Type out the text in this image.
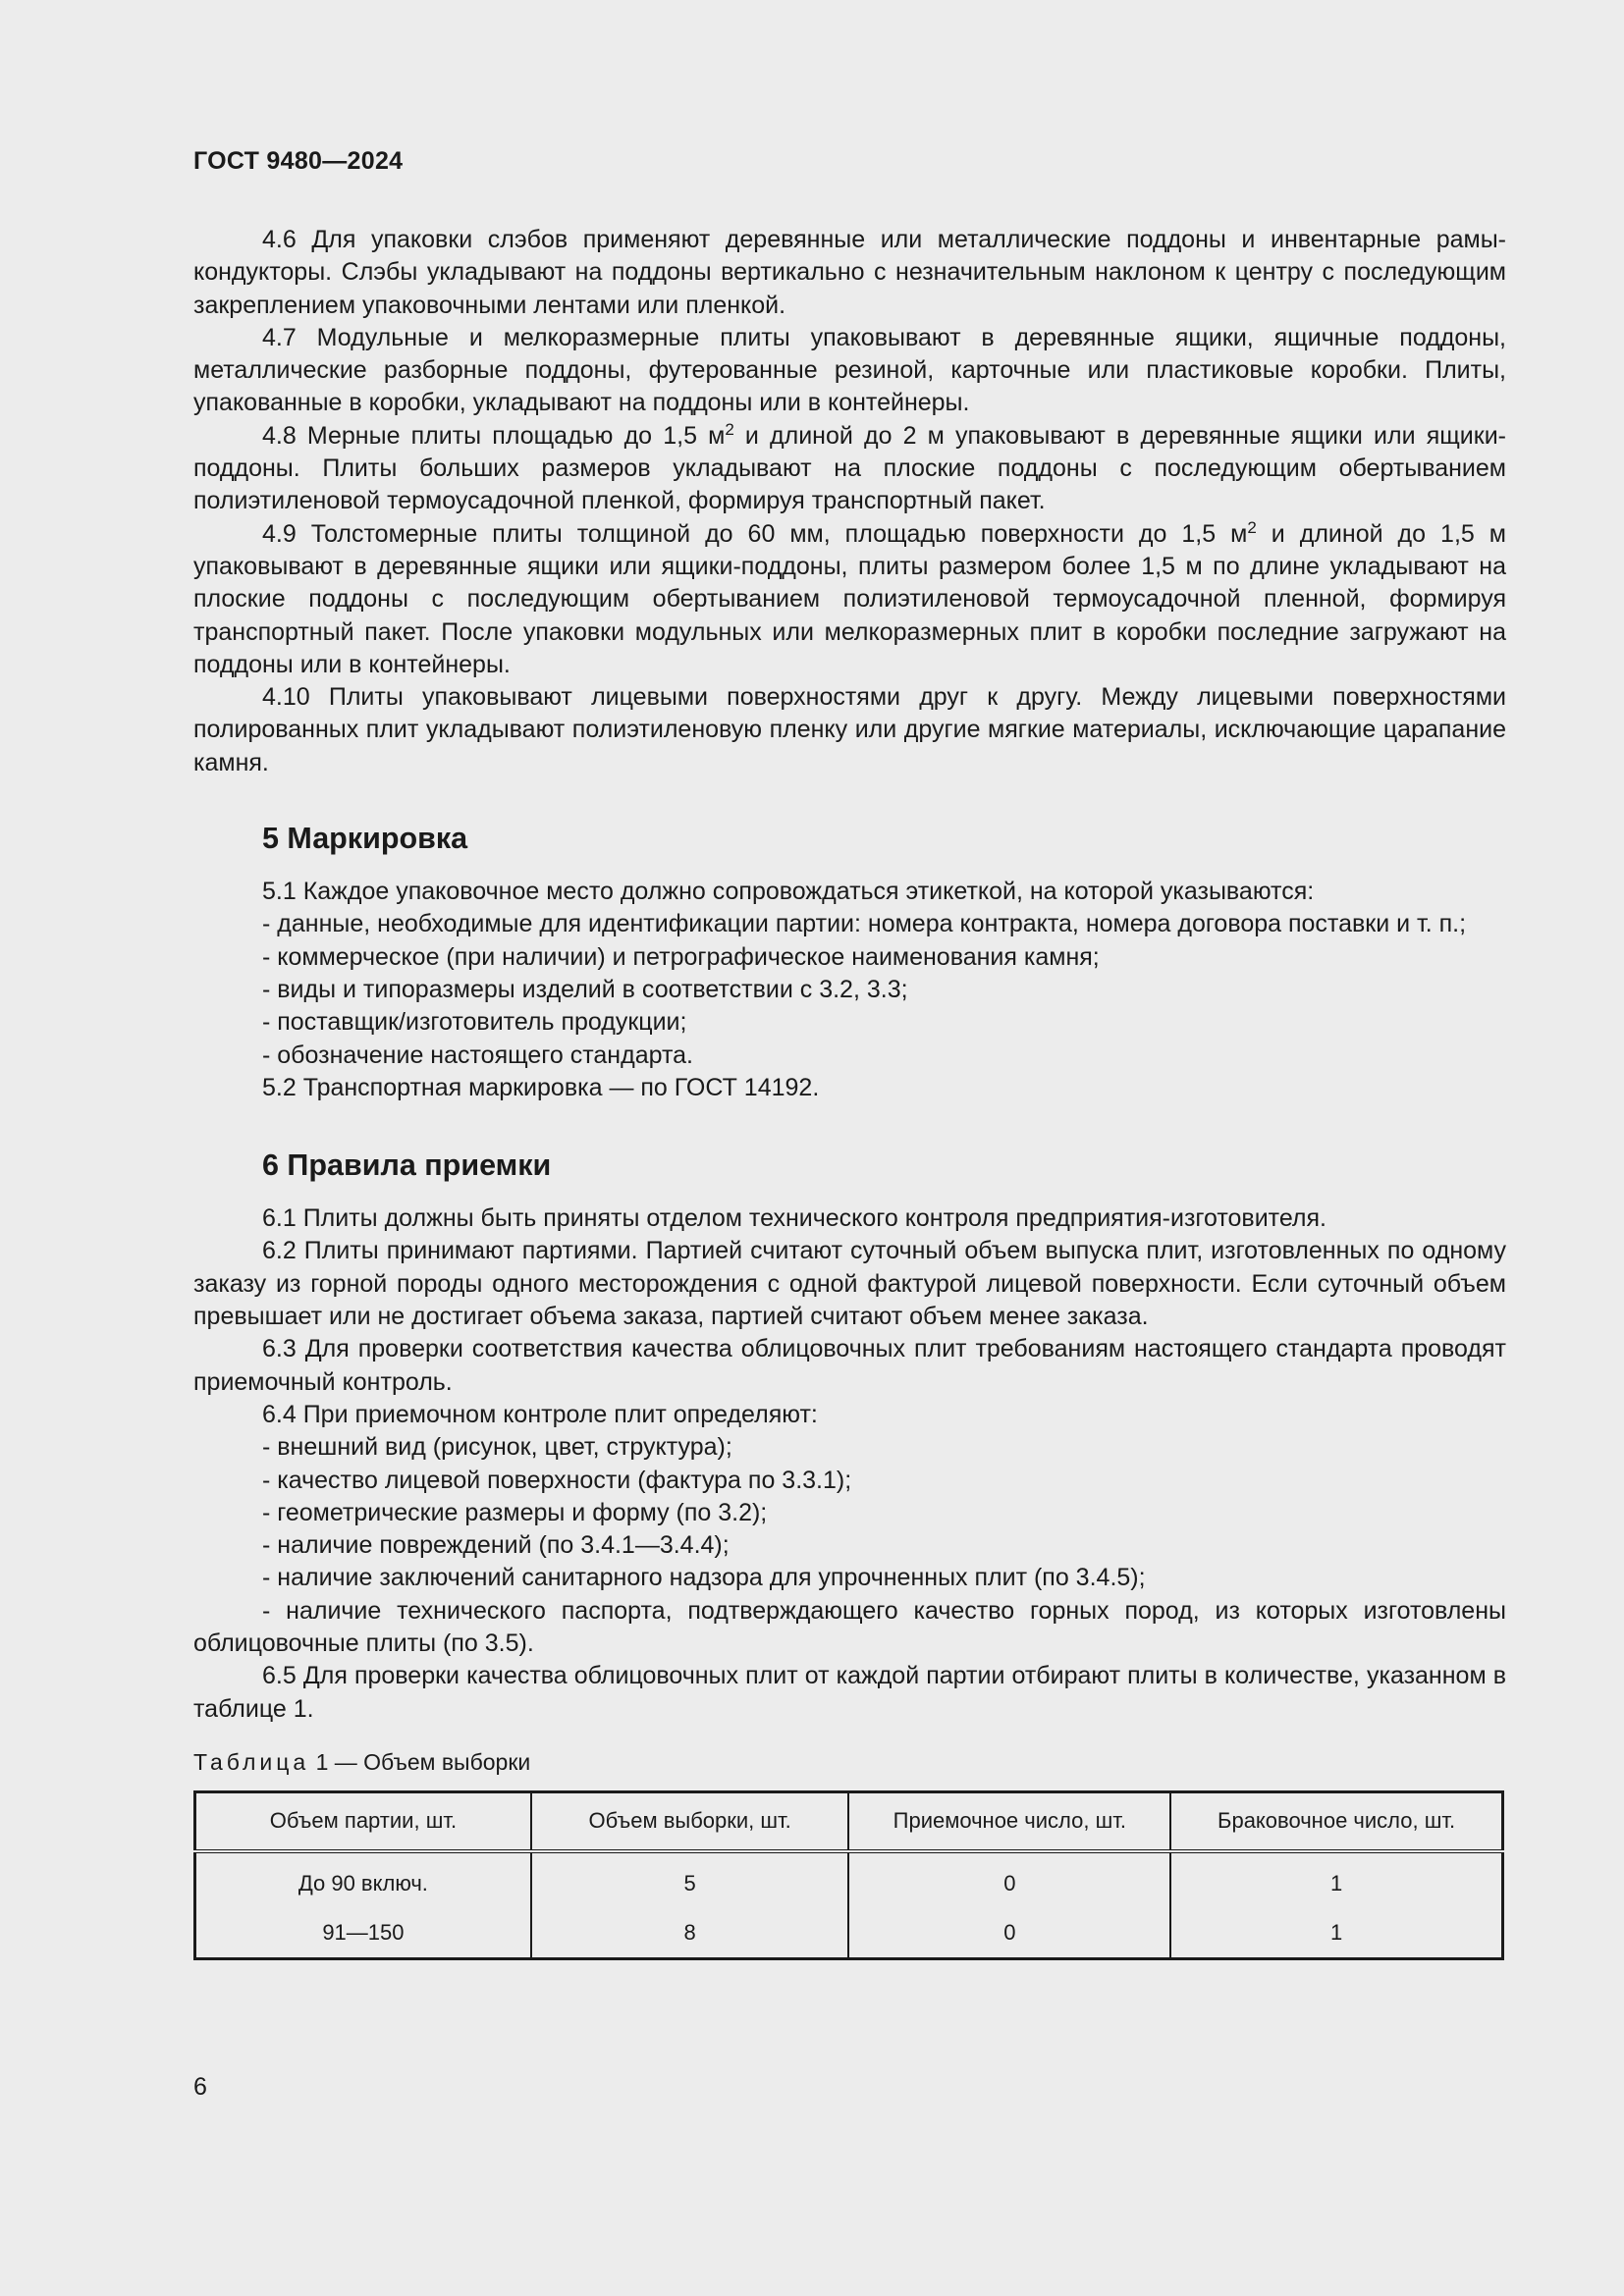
ГОСТ 9480—2024

4.6 Для упаковки слэбов применяют деревянные или металлические поддоны и инвентарные рамы-кондукторы. Слэбы укладывают на поддоны вертикально с незначительным наклоном к центру с последующим закреплением упаковочными лентами или пленкой.

4.7 Модульные и мелкоразмерные плиты упаковывают в деревянные ящики, ящичные поддоны, металлические разборные поддоны, футерованные резиной, карточные или пластиковые коробки. Плиты, упакованные в коробки, укладывают на поддоны или в контейнеры.

4.8 Мерные плиты площадью до 1,5 $м^2$ и длиной до 2 м упаковывают в деревянные ящики или ящики-поддоны. Плиты больших размеров укладывают на плоские поддоны с последующим обертыванием полиэтиленовой термоусадочной пленкой, формируя транспортный пакет.

4.9 Толстомерные плиты толщиной до 60 мм, площадью поверхности до 1,5 $м^2$ и длиной до 1,5 м упаковывают в деревянные ящики или ящики-поддоны, плиты размером более 1,5 м по длине укладывают на плоские поддоны с последующим обертыванием полиэтиленовой термоусадочной пленной, формируя транспортный пакет. После упаковки модульных или мелкоразмерных плит в коробки последние загружают на поддоны или в контейнеры.

4.10 Плиты упаковывают лицевыми поверхностями друг к другу. Между лицевыми поверхностями полированных плит укладывают полиэтиленовую пленку или другие мягкие материалы, исключающие царапание камня.

5 Маркировка

5.1 Каждое упаковочное место должно сопровождаться этикеткой, на которой указываются:

- данные, необходимые для идентификации партии: номера контракта, номера договора поставки и т. п.;

- коммерческое (при наличии) и петрографическое наименования камня;

- виды и типоразмеры изделий в соответствии с 3.2, 3.3;

- поставщик/изготовитель продукции;

- обозначение настоящего стандарта.

5.2 Транспортная маркировка — по ГОСТ 14192.

6 Правила приемки

6.1 Плиты должны быть приняты отделом технического контроля предприятия-изготовителя.

6.2 Плиты принимают партиями. Партией считают суточный объем выпуска плит, изготовленных по одному заказу из горной породы одного месторождения с одной фактурой лицевой поверхности. Если суточный объем превышает или не достигает объема заказа, партией считают объем менее заказа.

6.3 Для проверки соответствия качества облицовочных плит требованиям настоящего стандарта проводят приемочный контроль.

6.4 При приемочном контроле плит определяют:

- внешний вид (рисунок, цвет, структура);

- качество лицевой поверхности (фактура по 3.3.1);

- геометрические размеры и форму (по 3.2);

- наличие повреждений (по 3.4.1—3.4.4);

- наличие заключений санитарного надзора для упрочненных плит (по 3.4.5);

- наличие технического паспорта, подтверждающего качество горных пород, из которых изготовлены облицовочные плиты (по 3.5).

6.5 Для проверки качества облицовочных плит от каждой партии отбирают плиты в количестве, указанном в таблице 1.

Таблица 1 — Объем выборки

Объем партии, шт.	Объем выборки, шт.	Приемочное число, шт.	Браковочное число, шт.
До 90 включ.	5	0	1
91—150	8	0	1
6
